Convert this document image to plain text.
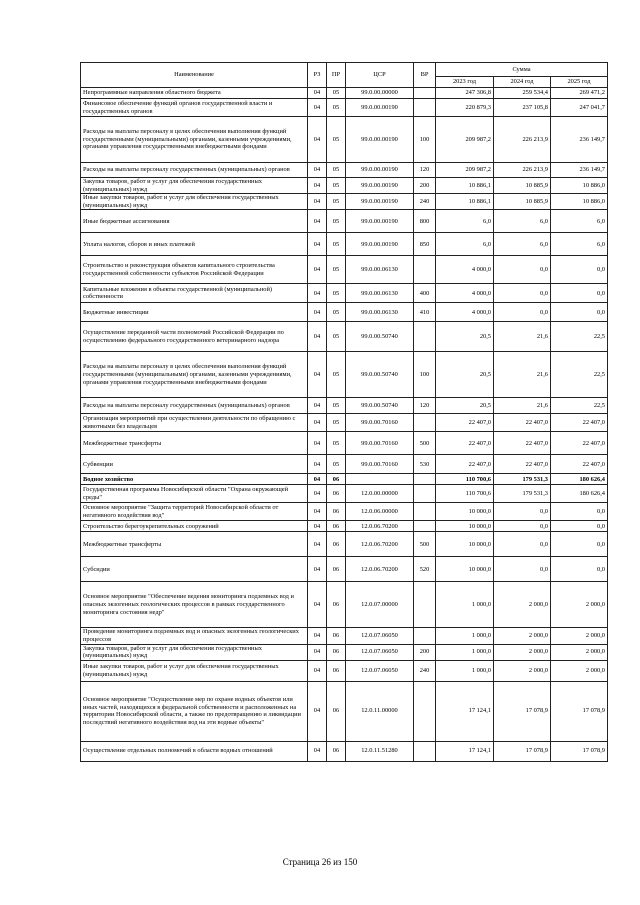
Наименование	РЗ	ПР	ЦСР	ВР	Сумма		
					2023 год	2024 год	2025 год
Непрограммные направления областного бюджета	04	05	99.0.00.00000		247 306,8	259 534,4	269 471,2
Финансовое обеспечение функций органов государственной власти и государственных органов	04	05	99.0.00.00190		220 879,3	237 105,8	247 041,7
Расходы на выплаты персоналу в целях обеспечения выполнения функций государственными (муниципальными) органами, казенными учреждениями, органами управления государственными внебюджетными фондами	04	05	99.0.00.00190	100	209 987,2	226 213,9	236 149,7
Расходы на выплаты персоналу государственных (муниципальных) органов	04	05	99.0.00.00190	120	209 987,2	226 213,9	236 149,7
Закупка товаров, работ и услуг для обеспечения государственных (муниципальных) нужд	04	05	99.0.00.00190	200	10 886,1	10 885,9	10 886,0
Иные закупки товаров, работ и услуг для обеспечения государственных (муниципальных) нужд	04	05	99.0.00.00190	240	10 886,1	10 885,9	10 886,0
Иные бюджетные ассигнования	04	05	99.0.00.00190	800	6,0	6,0	6,0
Уплата налогов, сборов и иных платежей	04	05	99.0.00.00190	850	6,0	6,0	6,0
Строительство и реконструкция объектов капитального строительства государственной собственности субъектов Российской Федерации	04	05	99.0.00.06130		4 000,0	0,0	0,0
Капитальные вложения в объекты государственной (муниципальной) собственности	04	05	99.0.00.06130	400	4 000,0	0,0	0,0
Бюджетные инвестиции	04	05	99.0.00.06130	410	4 000,0	0,0	0,0
Осуществление переданной части полномочий Российской Федерации по осуществлению федерального государственного ветеринарного надзора	04	05	99.0.00.50740		20,5	21,6	22,5
Расходы на выплаты персоналу в целях обеспечения выполнения функций государственными (муниципальными) органами, казенными учреждениями, органами управления государственными внебюджетными фондами	04	05	99.0.00.50740	100	20,5	21,6	22,5
Расходы на выплаты персоналу государственных (муниципальных) органов	04	05	99.0.00.50740	120	20,5	21,6	22,5
Организация мероприятий при осуществлении деятельности по обращению с животными без владельцев	04	05	99.0.00.70160		22 407,0	22 407,0	22 407,0
Межбюджетные трансферты	04	05	99.0.00.70160	500	22 407,0	22 407,0	22 407,0
Субвенции	04	05	99.0.00.70160	530	22 407,0	22 407,0	22 407,0
Водное хозяйство	04	06			110 700,6	179 531,3	180 626,4
Государственная программа Новосибирской области "Охрана окружающей среды"	04	06	12.0.00.00000		110 700,6	179 531,3	180 626,4
Основное мероприятие "Защита территорий Новосибирской области от негативного воздействия вод"	04	06	12.0.06.00000		10 000,0	0,0	0,0
Строительство берегоукрепительных сооружений	04	06	12.0.06.70200		10 000,0	0,0	0,0
Межбюджетные трансферты	04	06	12.0.06.70200	500	10 000,0	0,0	0,0
Субсидии	04	06	12.0.06.70200	520	10 000,0	0,0	0,0
Основное мероприятие "Обеспечение ведения мониторинга подземных вод и опасных экзогенных геологических процессов в рамках государственного мониторинга состояния недр"	04	06	12.0.07.00000		1 000,0	2 000,0	2 000,0
Проведение мониторинга подземных вод и опасных экзогенных геологических процессов	04	06	12.0.07.06050		1 000,0	2 000,0	2 000,0
Закупка товаров, работ и услуг для обеспечения государственных (муниципальных) нужд	04	06	12.0.07.06050	200	1 000,0	2 000,0	2 000,0
Иные закупки товаров, работ и услуг для обеспечения государственных (муниципальных) нужд	04	06	12.0.07.06050	240	1 000,0	2 000,0	2 000,0
Основное мероприятие "Осуществление мер по охране водных объектов или иных частей, находящихся в федеральной собственности и расположенных на территории Новосибирской области, а также по предотвращению и ликвидации последствий негативного воздействия вод на эти водные объекты"	04	06	12.0.11.00000		17 124,1	17 078,9	17 078,9
Осуществление отдельных полномочий в области водных отношений	04	06	12.0.11.51280		17 124,1	17 078,9	17 078,9
Страница 26 из 150
